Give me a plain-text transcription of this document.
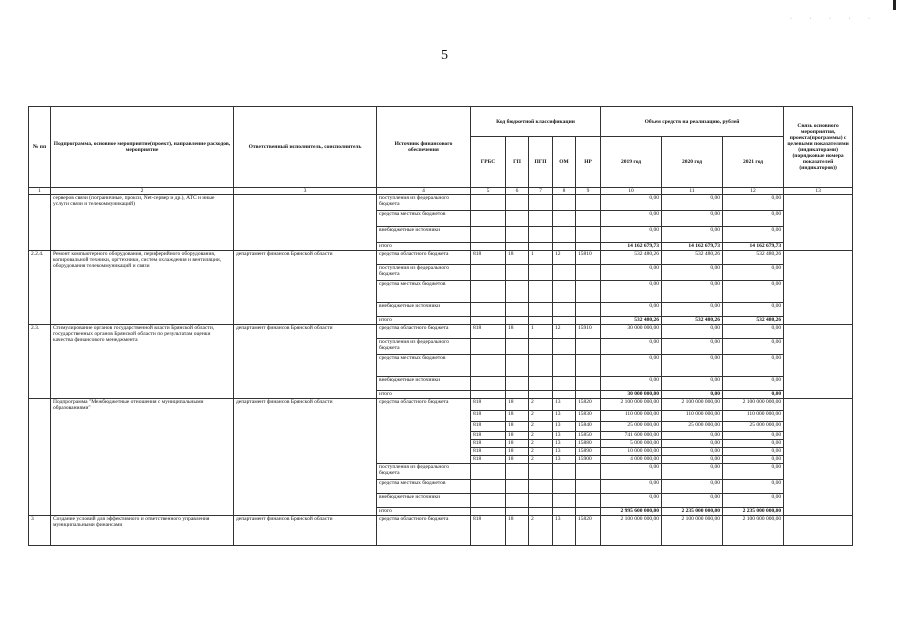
· · · · ·
5
№ пп	Подпрограмма, основное мероприятие(проект), направление расходов, мероприятие	Ответственный исполнитель, соисполнитель	Источник финансового обеспечения	Код бюджетной классификации					Объем средств на реализацию, рублей			Связь основного мероприятия, проекта(программы) с целевыми показателями (индикаторами) (порядковые номера показателей (индикаторов))
				ГРБС	ГП	ПГП	ОМ	НР	2019 год	2020 год	2021 год	
1	2	3	4	5	6	7	8	9	10	11	12	13
	серверов связи (пограничные, прокси, Net-сервер и др.), АТС и иные услуги связи и телекоммуникаций)		поступления из федерального бюджета						0,00	0,00	0,00	
			средства местных бюджетов						0,00	0,00	0,00	
			внебюджетные источники						0,00	0,00	0,00	
			итого						14 162 679,73	14 162 679,73	14 162 679,73	
2.2.4.	Ремонт компьютерного оборудования, периферийного оборудования, копировальной техники, оргтехники, систем охлаждения и вентиляции, оборудования телекоммуникаций и связи	департамент финансов Брянской области	средства областного бюджета	818	18	1	12	15810	532 480,26	532 480,26	532 480,26	
			поступления из федерального бюджета						0,00	0,00	0,00	
			средства местных бюджетов						0,00	0,00	0,00	
			внебюджетные источники						0,00	0,00	0,00	
			итого						532 480,26	532 480,26	532 480,26	
2.3.	Стимулирование органов государственной власти Брянской области, государственных органов Брянской области по результатам оценки качества финансового менеджмента	департамент финансов Брянской области	средства областного бюджета	818	18	1	12	15910	30 000 000,00	0,00	0,00	
			поступления из федерального бюджета						0,00	0,00	0,00	
			средства местных бюджетов						0,00	0,00	0,00	
			внебюджетные источники						0,00	0,00	0,00	
			итого						30 000 000,00	0,00	0,00	
	Подпрограмма "Межбюджетные отношения с муниципальными образованиями"	департамент финансов Брянской области	средства областного бюджета	818	18	2	13	15820	2 100 000 000,00	2 100 000 000,00	2 100 000 000,00	
				818	18	2	13	15830	110 000 000,00	110 000 000,00	110 000 000,00	
				818	18	2	13	15840	25 000 000,00	25 000 000,00	25 000 000,00	
				818	18	2	13	15850	741 600 000,00	0,00	0,00	
				818	18	2	13	15880	5 000 000,00	0,00	0,00	
				818	18	2	13	15890	10 000 000,00	0,00	0,00	
				818	18	2	13	15900	4 000 000,00	0,00	0,00	
			поступления из федерального бюджета						0,00	0,00	0,00	
			средства местных бюджетов						0,00	0,00	0,00	
			внебюджетные источники						0,00	0,00	0,00	
			итого						2 995 600 000,00	2 235 000 000,00	2 235 000 000,00	
3	Создание условий для эффективного и ответственного управления муниципальными финансами	департамент финансов Брянской области	средства областного бюджета	818	18	2	13	15820	2 100 000 000,00	2 100 000 000,00	2 100 000 000,00	
